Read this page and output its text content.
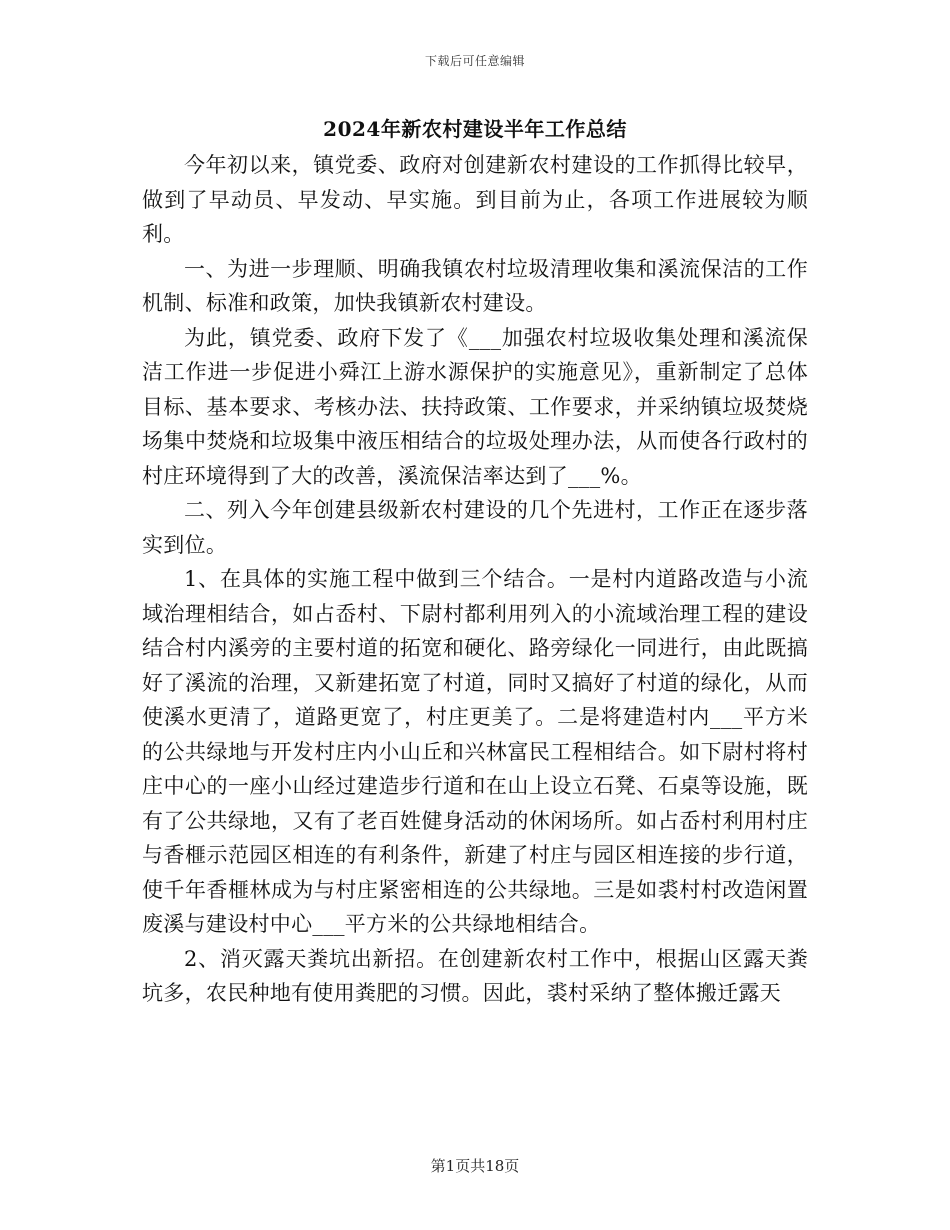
下载后可任意编辑
2024年新农村建设半年工作总结

今年初以来，镇党委、政府对创建新农村建设的工作抓得比较早，做到了早动员、早发动、早实施。到目前为止，各项工作进展较为顺利。

一、为进一步理顺、明确我镇农村垃圾清理收集和溪流保洁的工作机制、标准和政策，加快我镇新农村建设。

为此，镇党委、政府下发了《___加强农村垃圾收集处理和溪流保洁工作进一步促进小舜江上游水源保护的实施意见》，重新制定了总体目标、基本要求、考核办法、扶持政策、工作要求，并采纳镇垃圾焚烧场集中焚烧和垃圾集中液压相结合的垃圾处理办法，从而使各行政村的村庄环境得到了大的改善，溪流保洁率达到了___%。

二、列入今年创建县级新农村建设的几个先进村，工作正在逐步落实到位。

1、在具体的实施工程中做到三个结合。一是村内道路改造与小流域治理相结合，如占岙村、下尉村都利用列入的小流域治理工程的建设结合村内溪旁的主要村道的拓宽和硬化、路旁绿化一同进行，由此既搞好了溪流的治理，又新建拓宽了村道，同时又搞好了村道的绿化，从而使溪水更清了，道路更宽了，村庄更美了。二是将建造村内___平方米的公共绿地与开发村庄内小山丘和兴林富民工程相结合。如下尉村将村庄中心的一座小山经过建造步行道和在山上设立石凳、石桌等设施，既有了公共绿地，又有了老百姓健身活动的休闲场所。如占岙村利用村庄与香榧示范园区相连的有利条件，新建了村庄与园区相连接的步行道，使千年香榧林成为与村庄紧密相连的公共绿地。三是如裘村村改造闲置废溪与建设村中心___平方米的公共绿地相结合。

2、消灭露天粪坑出新招。在创建新农村工作中，根据山区露天粪坑多，农民种地有使用粪肥的习惯。因此，裘村采纳了整体搬迁露天

第1页共18页
